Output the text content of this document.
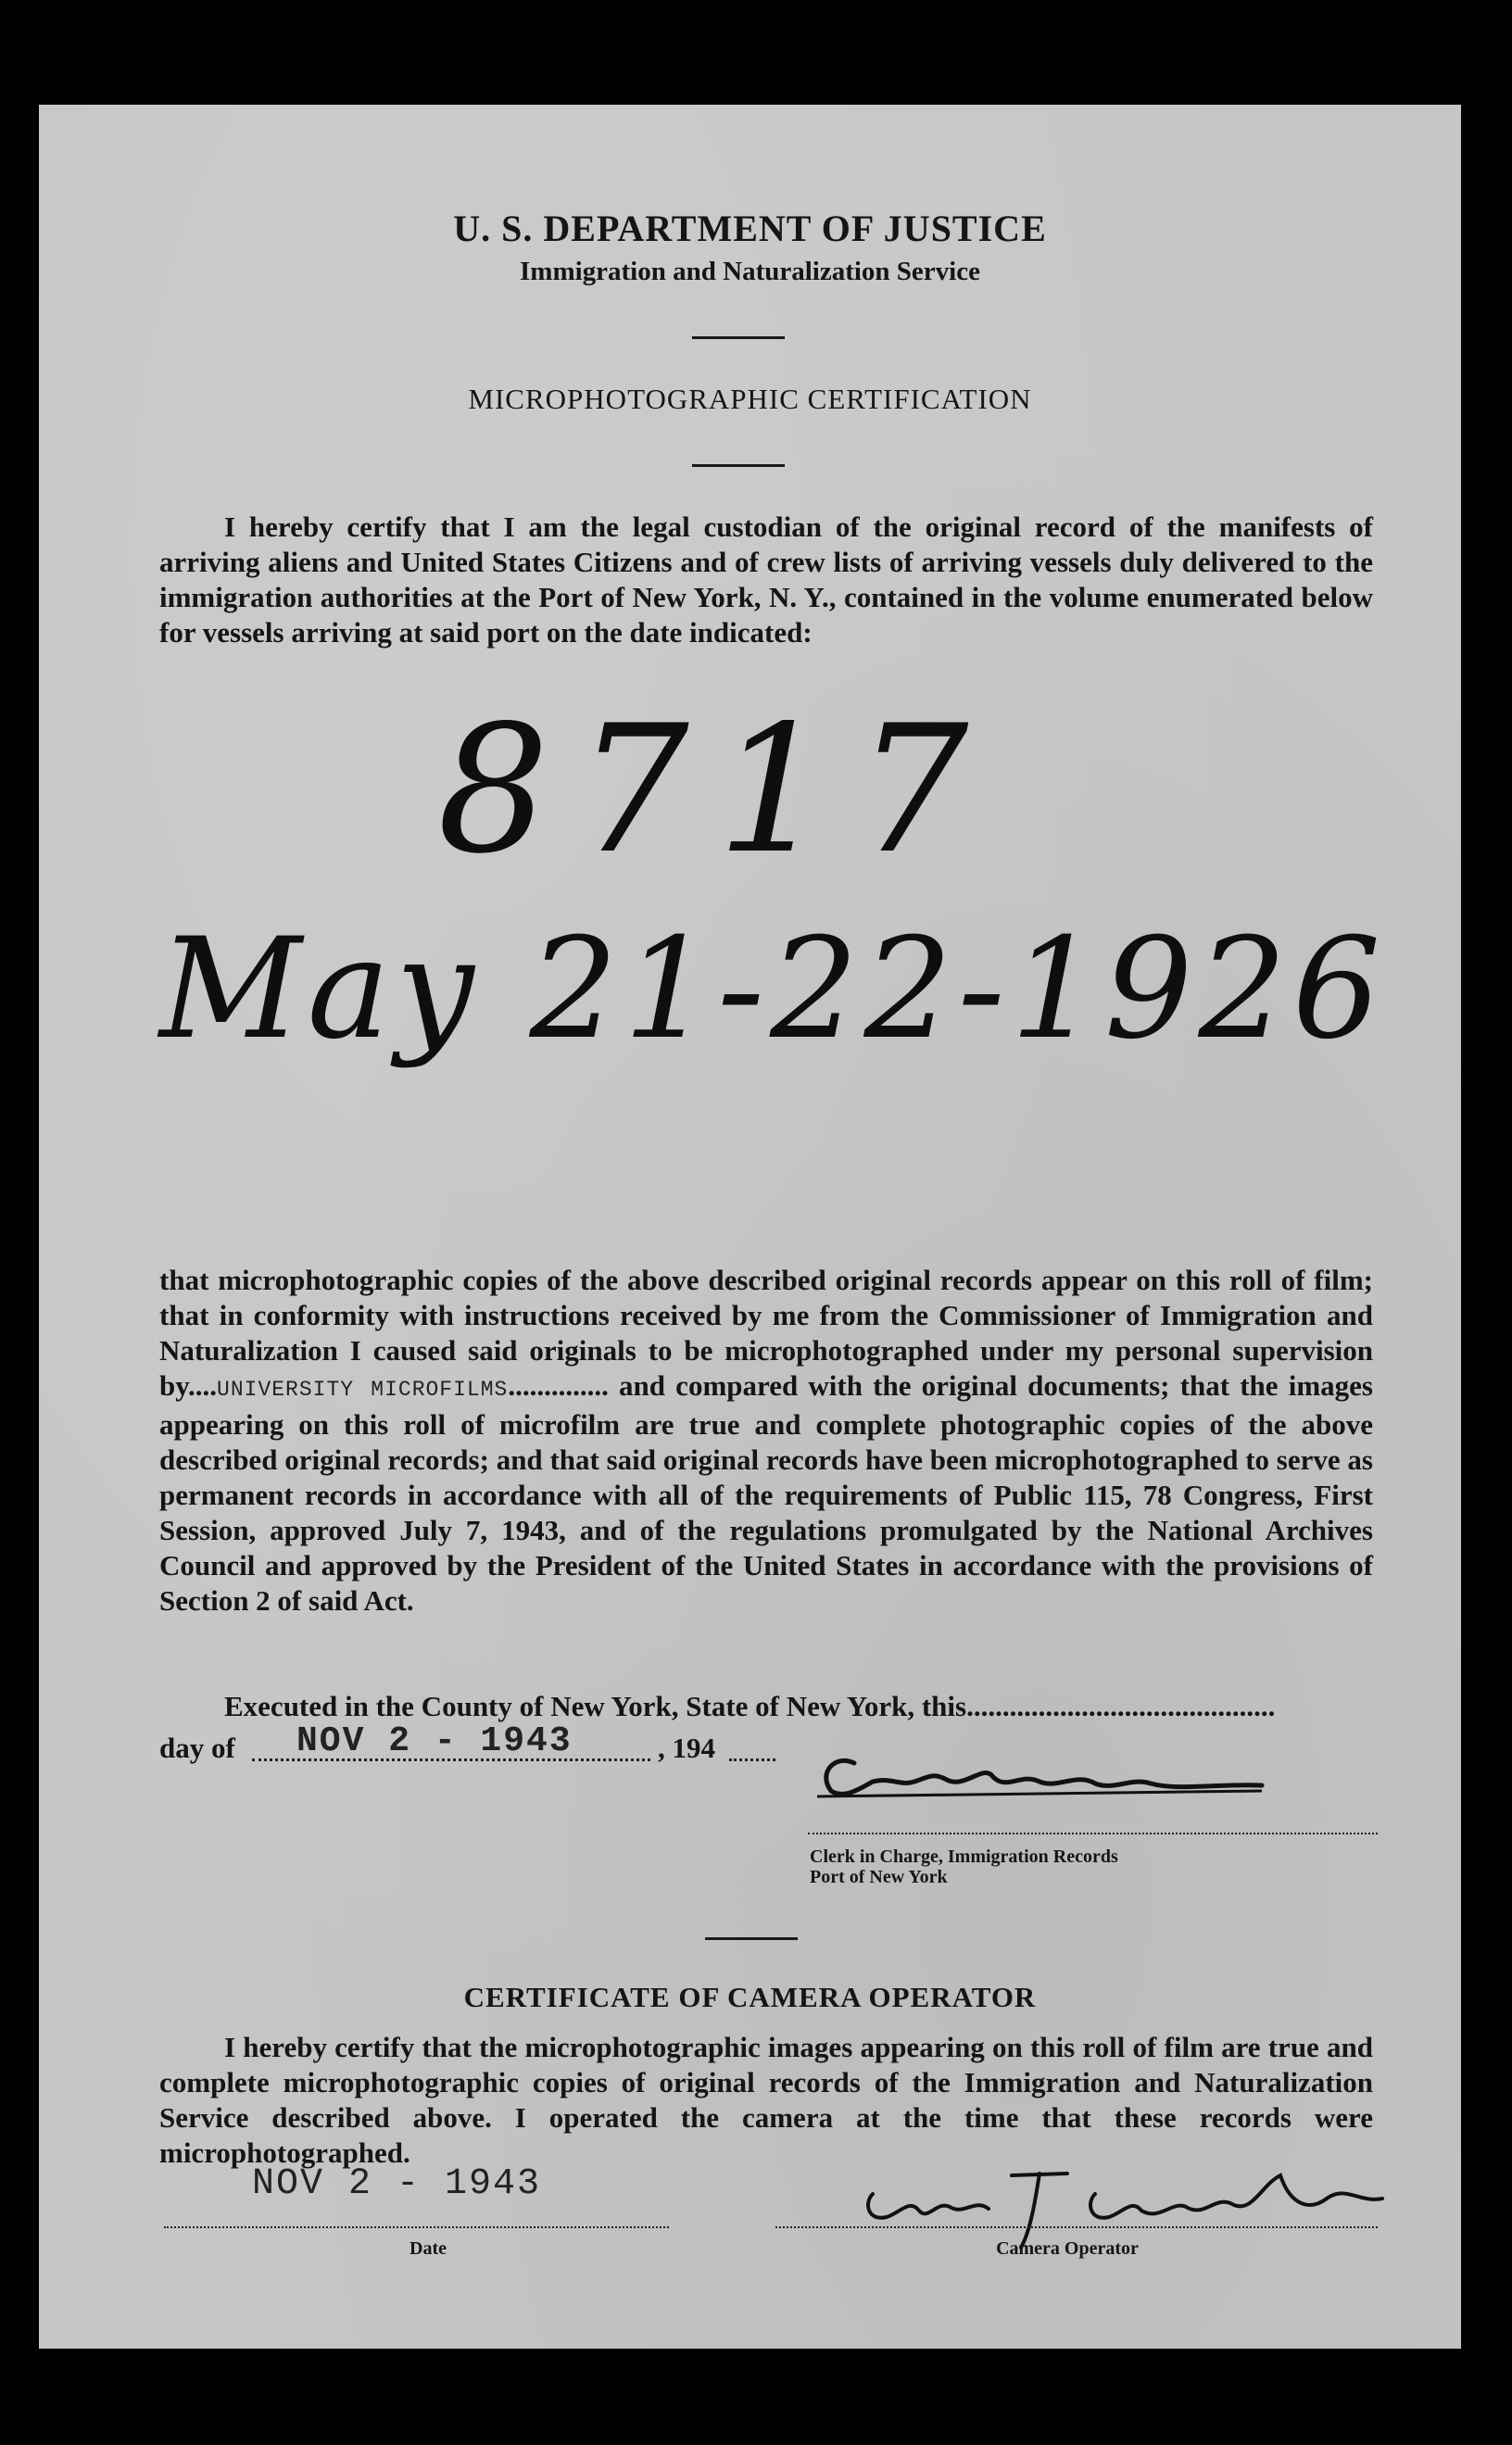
U. S. DEPARTMENT OF JUSTICE
Immigration and Naturalization Service
MICROPHOTOGRAPHIC CERTIFICATION
I hereby certify that I am the legal custodian of the original record of the manifests of arriving aliens and United States Citizens and of crew lists of arriving vessels duly delivered to the immigration authorities at the Port of New York, N. Y., contained in the volume enumerated below for vessels arriving at said port on the date indicated:
8717
May 21-22-1926
that microphotographic copies of the above described original records appear on this roll of film; that in conformity with instructions received by me from the Commissioner of Immigration and Naturalization I caused said originals to be microphotographed under my personal supervision by....UNIVERSITY MICROFILMS.............. and compared with the original documents; that the images appearing on this roll of microfilm are true and complete photographic copies of the above described original records; and that said original records have been microphotographed to serve as permanent records in accordance with all of the requirements of Public 115, 78 Congress, First Session, approved July 7, 1943, and of the regulations promulgated by the National Archives Council and approved by the President of the United States in accordance with the provisions of Section 2 of said Act.
Executed in the County of New York, State of New York, this...........................................
day of	NOV 2 - 1943	, 194
Clerk in Charge, Immigration Records
Port of New York
CERTIFICATE OF CAMERA OPERATOR
I hereby certify that the microphotographic images appearing on this roll of film are true and complete microphotographic copies of original records of the Immigration and Naturalization Service described above. I operated the camera at the time that these records were microphotographed.
NOV 2 - 1943
Date	Camera Operator
